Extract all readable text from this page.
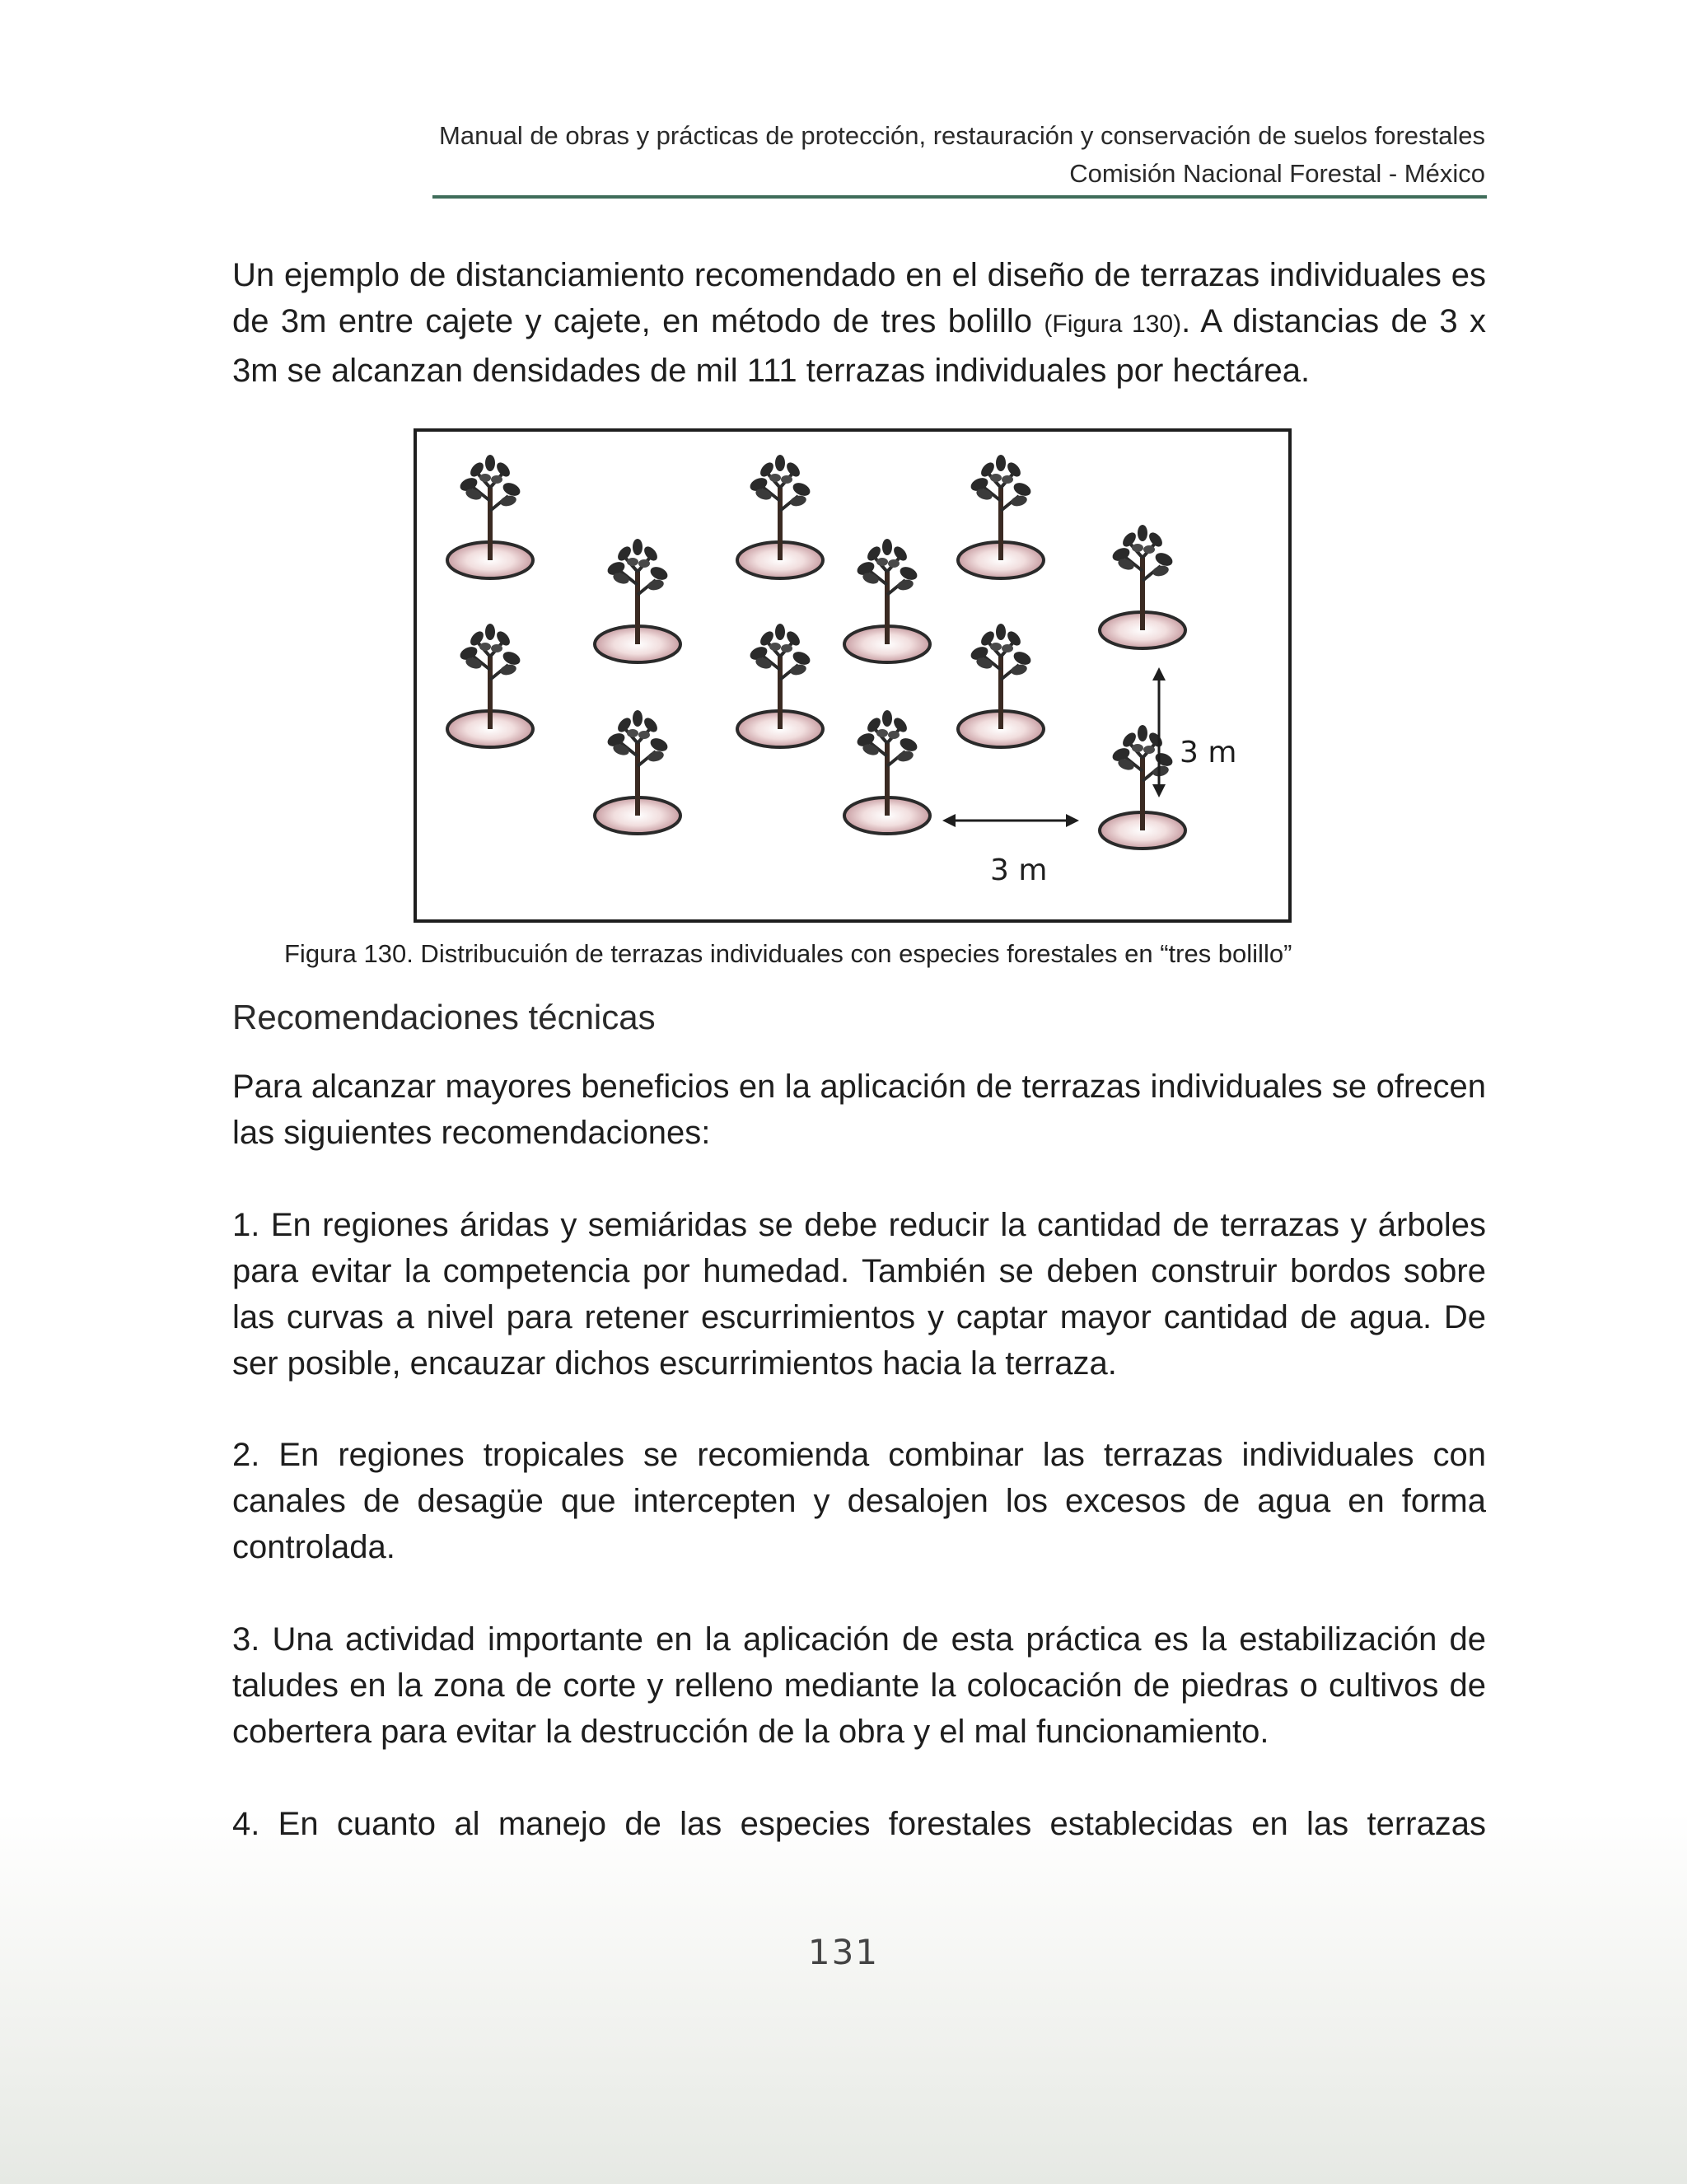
Manual de obras y prácticas de protección, restauración y conservación de suelos forestales
Comisión Nacional Forestal - México
Un ejemplo de distanciamiento recomendado en el diseño de terrazas individuales es de 3m entre cajete y cajete, en método de tres bolillo (Figura 130). A distancias de 3 x 3m se alcanzan densidades de mil 111 terrazas individuales por hectárea.
3 m
3 m
Figura 130. Distribucuión de terrazas individuales con especies forestales en “tres bolillo”
Recomendaciones técnicas
Para alcanzar mayores beneficios en la aplicación de terrazas individuales se ofrecen las siguientes recomendaciones:
1. En regiones áridas y semiáridas se debe reducir la cantidad de terrazas y árboles para evitar la competencia por humedad. También se deben construir bordos sobre las curvas a nivel para retener escurrimientos y captar mayor cantidad de agua. De ser posible, encauzar dichos escurrimientos hacia la terraza.
2. En regiones tropicales se recomienda combinar las terrazas individuales con canales de desagüe que intercepten y desalojen los excesos de agua en forma controlada.
3. Una actividad importante en la aplicación de esta práctica es la estabilización de taludes en la zona de corte y relleno mediante la colocación de piedras o cultivos de cobertera para evitar la destrucción de la obra y el mal funcionamiento.
4. En cuanto al manejo de las especies forestales establecidas en las terrazas
131
